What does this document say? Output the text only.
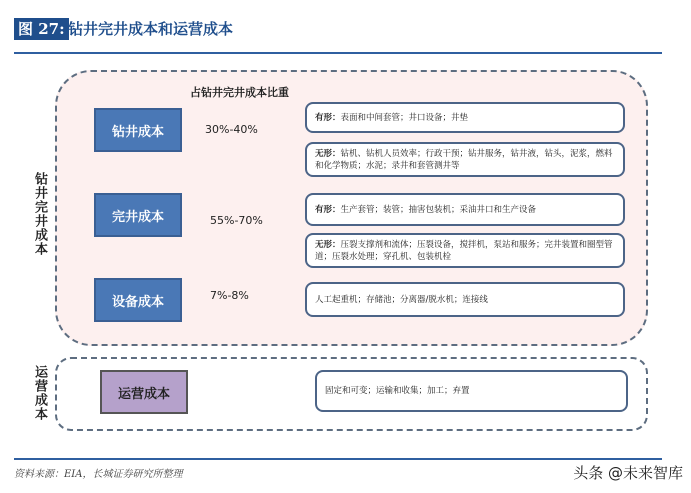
图 27: 钻井完井成本和运营成本
钻井完井成本
占钻井完井成本比重
钻井成本
完井成本
设备成本
30%-40%
55%-70%
7%-8%
有形：表面和中间套管；井口设备；井垫
无形：钻机、钻机人员效率；行政干预；钻井服务，钻井液，钻头，泥浆，燃料和化学物质；水泥；录井和套管测井等
有形：生产套管；装管；抽害包装机；采油井口和生产设备
无形：压裂支撑剂和流体；压裂设备，搅拌机，泵站和服务；完井装置和圈型管道；压裂水处理；穿孔机、包装机栓
人工起重机；存储池；分离器/脱水机；连接线
运营成本	运营成本	固定和可变；运输和收集；加工；弃置
资料来源：EIA，长城证券研究所整理	头条 @未来智库
